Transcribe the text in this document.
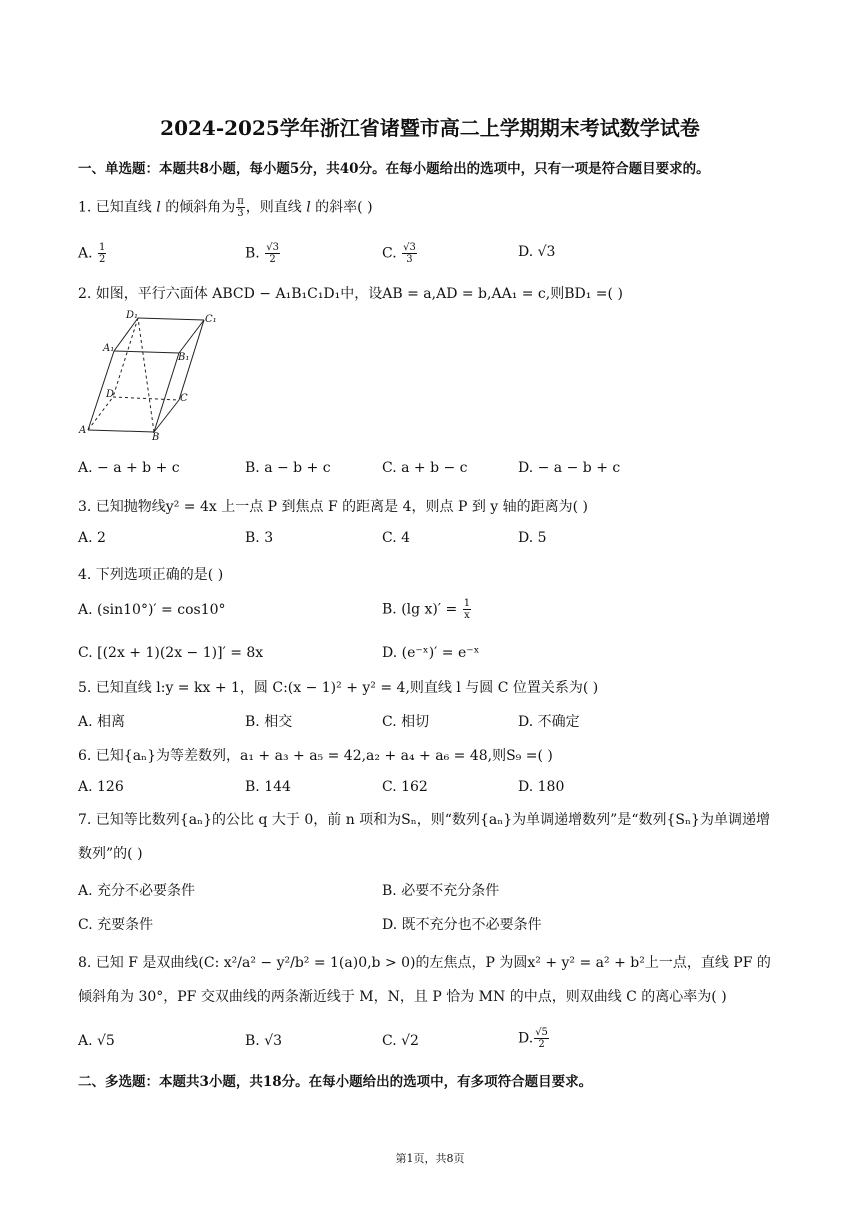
2024-2025学年浙江省诸暨市高二上学期期末考试数学试卷
一、单选题：本题共8小题，每小题5分，共40分。在每小题给出的选项中，只有一项是符合题目要求的。
1. 已知直线 l 的倾斜角为 $\frac{\pi}{3}$ ，则直线 l 的斜率( )
A. $\frac{1}{2}$	B. $\frac{√3}{2}$	C. $\frac{√3}{3}$	D. √3
2. 如图，平行六面体 ABCD − A₁B₁C₁D₁中，设AB = a,AD = b,AA₁ = c,则BD₁ =( )
D₁	C₁
A₁
B₁
D	C
A
B
A. − a + b + c	B. a − b + c	C. a + b − c	D. − a − b + c
3. 已知抛物线y² = 4x 上一点 P 到焦点 F 的距离是 4，则点 P 到 y 轴的距离为( )
A. 2	B. 3	C. 4	D. 5
4. 下列选项正确的是( )
A. (sin10°)′ = cos10°	B. (lg $x)' = \frac{1}{x}$
C. [(2x + 1)(2x − 1)]′ = 8x	D. (e⁻ˣ)′ = e⁻ˣ
5. 已知直线 l:y = kx + 1，圆 C:(x − 1)² + y² = 4,则直线 l 与圆 C 位置关系为( )
A. 相离	B. 相交	C. 相切	D. 不确定
6. 已知{aₙ}为等差数列，a₁ + a₃ + a₅ = 42,a₂ + a₄ + a₆ = 48,则S₉ =( )
A. 126	B. 144	C. 162	D. 180
7. 已知等比数列{aₙ}的公比 q 大于 0，前 n 项和为Sₙ，则“数列{aₙ}为单调递增数列”是“数列{Sₙ}为单调递增数列”的( )
A. 充分不必要条件	B. 必要不充分条件
C. 充要条件	D. 既不充分也不必要条件
8. 已知 F 是双曲线(C: x²/a² − y²/b² = 1(a)0,b > 0)的左焦点，P 为圆x² + y² = a² + b²上一点，直线 PF 的倾斜角为 30°，PF 交双曲线的两条渐近线于 M，N，且 P 恰为 MN 的中点，则双曲线 C 的离心率为( )
A. √5	B. √3	C. √2	D. $\frac{√5}{2}$
二、多选题：本题共3小题，共18分。在每小题给出的选项中，有多项符合题目要求。
第1页，共8页
